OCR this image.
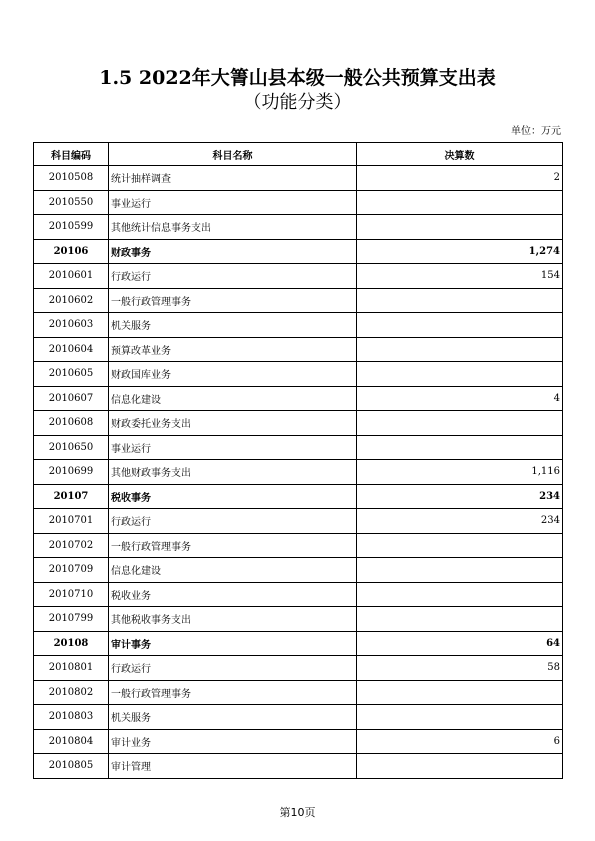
1.5 2022年大箐山县本级一般公共预算支出表
（功能分类）
单位：万元
科目编码	科目名称	决算数
2010508	统计抽样调查	2
2010550	事业运行	
2010599	其他统计信息事务支出	
20106	财政事务	1,274
2010601	行政运行	154
2010602	一般行政管理事务	
2010603	机关服务	
2010604	预算改革业务	
2010605	财政国库业务	
2010607	信息化建设	4
2010608	财政委托业务支出	
2010650	事业运行	
2010699	其他财政事务支出	1,116
20107	税收事务	234
2010701	行政运行	234
2010702	一般行政管理事务	
2010709	信息化建设	
2010710	税收业务	
2010799	其他税收事务支出	
20108	审计事务	64
2010801	行政运行	58
2010802	一般行政管理事务	
2010803	机关服务	
2010804	审计业务	6
2010805	审计管理	
第10页
